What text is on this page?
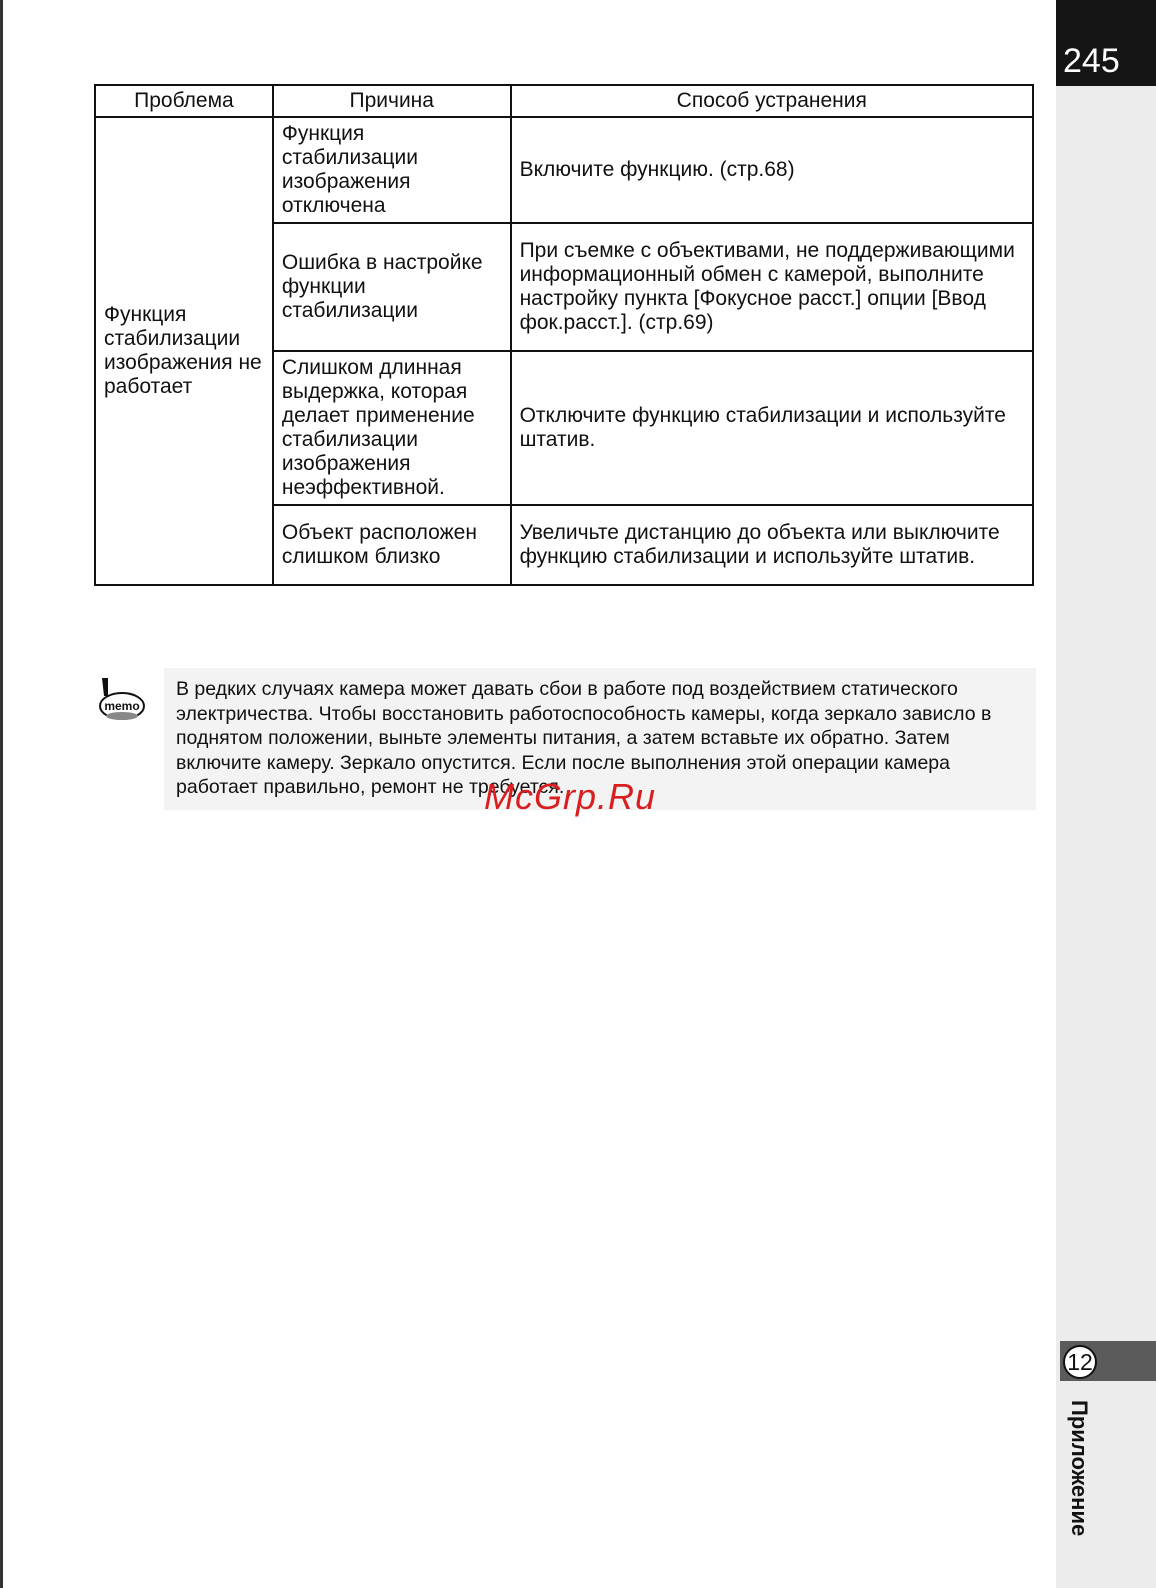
245
12
Приложение
Проблема	Причина	Способ устранения
Функция стабилизации изображения не работает	Функция стабилизации изображения отключена	Включите функцию. (стр.68)
	Ошибка в настройке функции стабилизации	При съемке с объективами, не поддерживающими информационный обмен с камерой, выполните настройку пункта [Фокусное расст.] опции [Ввод фок.расст.]. (стр.69)
	Слишком длинная выдержка, которая делает применение стабилизации изображения неэффективной.	Отключите функцию стабилизации и используйте штатив.
	Объект расположен слишком близко	Увеличьте дистанцию до объекта или выключите функцию стабилизации и используйте штатив.
memo
В редких случаях камера может давать сбои в работе под воздействием статического электричества. Чтобы восстановить работоспособность камеры, когда зеркало зависло в поднятом положении, выньте элементы питания, а затем вставьте их обратно. Затем включите камеру. Зеркало опустится. Если после выполнения этой операции камера работает правильно, ремонт не требуется.
McGrp.Ru
